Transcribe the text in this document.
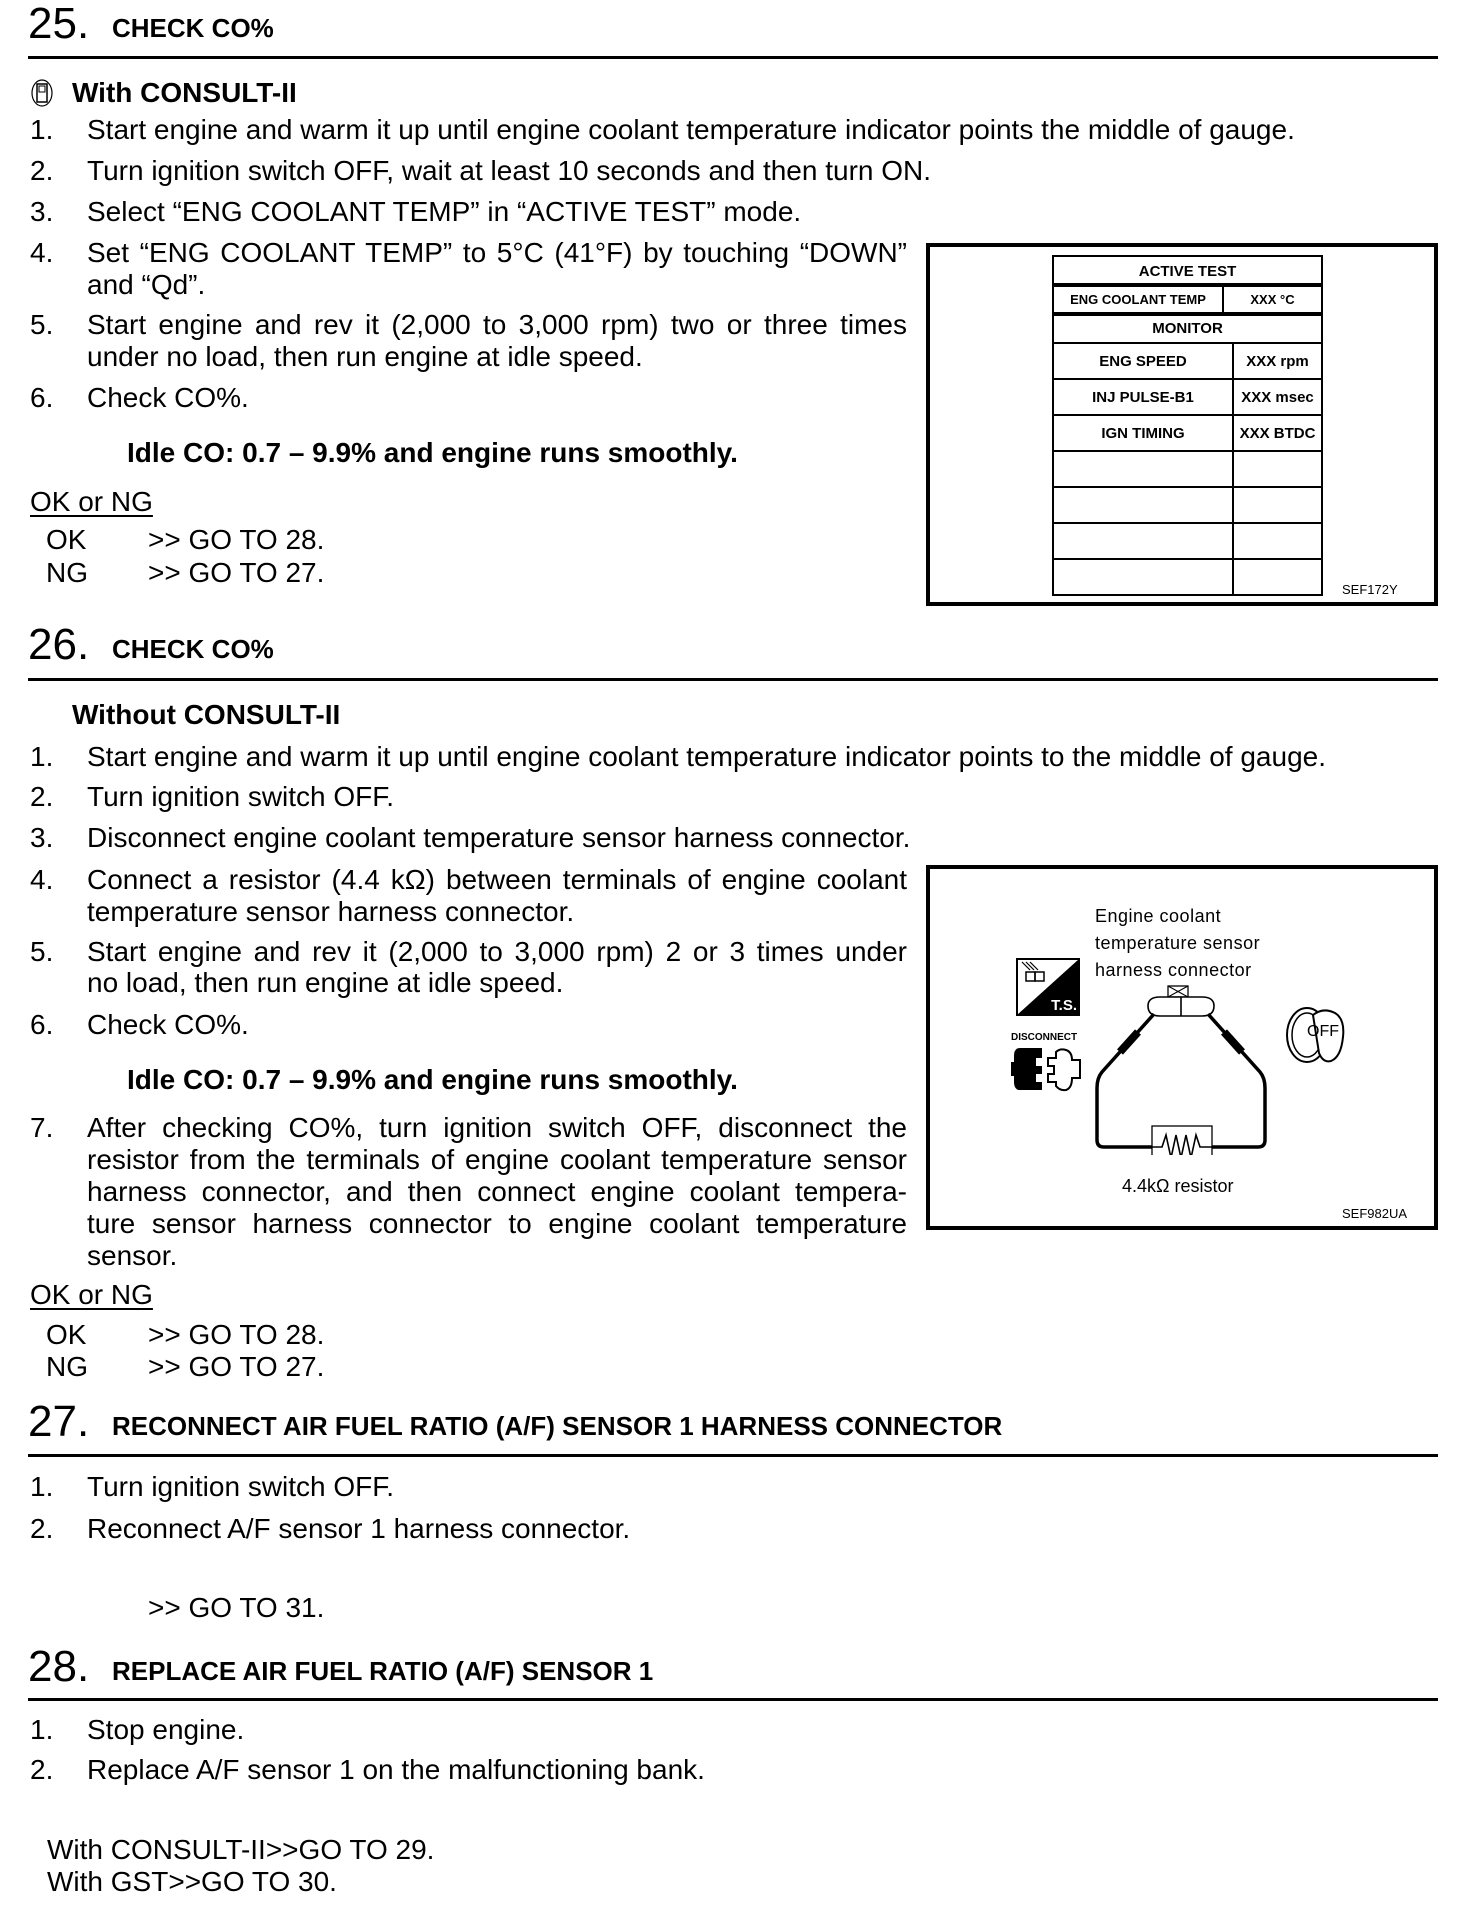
25. CHECK CO%
With CONSULT-II
1. Start engine and warm it up until engine coolant temperature indicator points the middle of gauge.
2. Turn ignition switch OFF, wait at least 10 seconds and then turn ON.
3. Select “ENG COOLANT TEMP” in “ACTIVE TEST” mode.
4. Set “ENG COOLANT TEMP” to 5°C (41°F) by touching “DOWN”
and “Qd”.
5. Start engine and rev it (2,000 to 3,000 rpm) two or three times
under no load, then run engine at idle speed.
6. Check CO%.
Idle CO: 0.7 – 9.9% and engine runs smoothly.
OK or NG
OK >> GO TO 28.
NG >> GO TO 27.
ACTIVE TEST
ENG COOLANT TEMP	XXX °C
MONITOR	
ENG SPEED	XXX rpm
INJ PULSE-B1	XXX msec
IGN TIMING	XXX BTDC

SEF172Y
26. CHECK CO%
Without CONSULT-II
1. Start engine and warm it up until engine coolant temperature indicator points to the middle of gauge.
2. Turn ignition switch OFF.
3. Disconnect engine coolant temperature sensor harness connector.
4. Connect a resistor (4.4 kΩ) between terminals of engine coolant
temperature sensor harness connector.
5. Start engine and rev it (2,000 to 3,000 rpm) 2 or 3 times under
no load, then run engine at idle speed.
6. Check CO%.
Idle CO: 0.7 – 9.9% and engine runs smoothly.
7. After checking CO%, turn ignition switch OFF, disconnect the
resistor from the terminals of engine coolant temperature sensor
harness connector, and then connect engine coolant tempera-
ture sensor harness connector to engine coolant temperature
sensor.
OK or NG
OK >> GO TO 28.
NG >> GO TO 27.
Engine coolant
temperature sensor
harness connector
T.S.
DISCONNECT
4.4kΩ resistor
OFF
SEF982UA
27. RECONNECT AIR FUEL RATIO (A/F) SENSOR 1 HARNESS CONNECTOR
1. Turn ignition switch OFF.
2. Reconnect A/F sensor 1 harness connector.
>> GO TO 31.
28. REPLACE AIR FUEL RATIO (A/F) SENSOR 1
1. Stop engine.
2. Replace A/F sensor 1 on the malfunctioning bank.
With CONSULT-II>>GO TO 29.
With GST>>GO TO 30.
